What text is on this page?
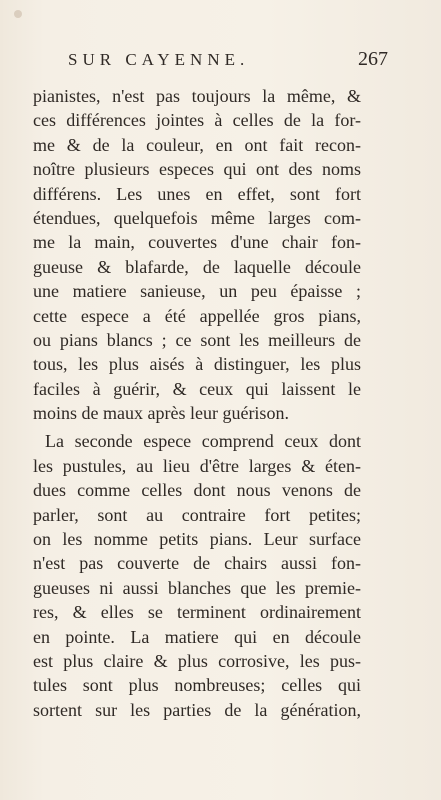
SUR CAYENNE.	267
pianistes, n'est pas toujours la même, &
ces différences jointes à celles de la for-
me & de la couleur, en ont fait recon-
noître plusieurs especes qui ont des noms
différens. Les unes en effet, sont fort
étendues, quelquefois même larges com-
me la main, couvertes d'une chair fon-
gueuse & blafarde, de laquelle découle
une matiere sanieuse, un peu épaisse ;
cette espece a été appellée gros pians,
ou pians blancs ; ce sont les meilleurs de
tous, les plus aisés à distinguer, les plus
faciles à guérir, & ceux qui laissent le
moins de maux après leur guérison.
La seconde espece comprend ceux dont
les pustules, au lieu d'être larges & éten-
dues comme celles dont nous venons de
parler, sont au contraire fort petites;
on les nomme petits pians. Leur surface
n'est pas couverte de chairs aussi fon-
gueuses ni aussi blanches que les premie-
res, & elles se terminent ordinairement
en pointe. La matiere qui en découle
est plus claire & plus corrosive, les pus-
tules sont plus nombreuses; celles qui
sortent sur les parties de la génération,
